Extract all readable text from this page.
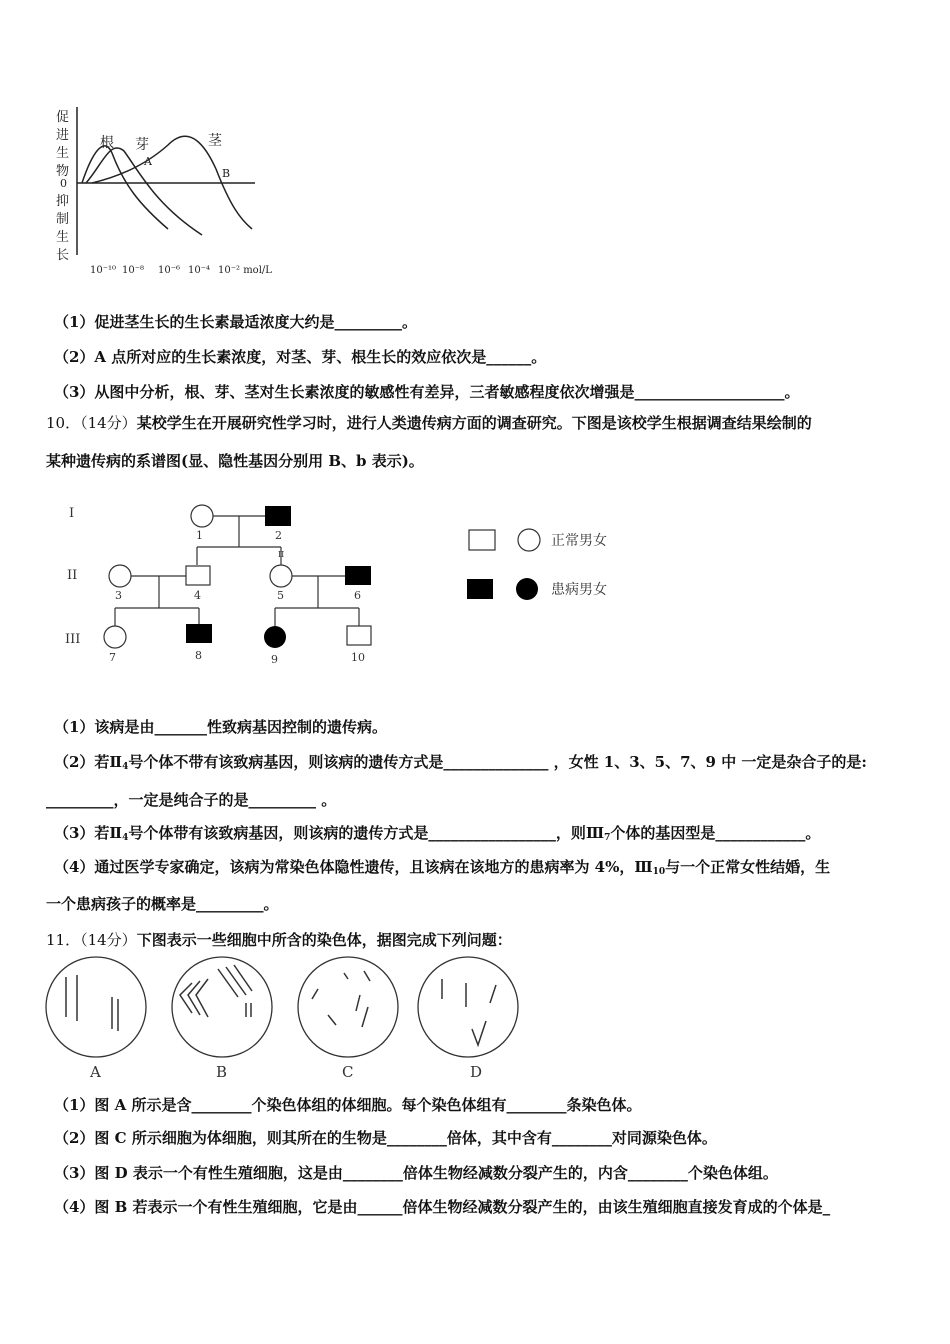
促
进
生
物
0
抑
制
生
长
根 芽	茎
A
B
10⁻¹⁰ 10⁻⁸ 10⁻⁶ 10⁻⁴ 10⁻² mol/L
（1）促进茎生长的生长素最适浓度大约是_________。
（2）A 点所对应的生长素浓度，对茎、芽、根生长的效应依次是______。
（3）从图中分析，根、芽、茎对生长素浓度的敏感性有差异，三者敏感程度依次增强是____________________。
10．（14分）某校学生在开展研究性学习时，进行人类遗传病方面的调查研究。下图是该校学生根据调查结果绘制的
某种遗传病的系谱图(显、隐性基因分别用 B、b 表示)。
I
II
III
1	2
II
3	4	5	6
7	8	9	10
正常男女
患病男女
（1）该病是由_______性致病基因控制的遗传病。
（2）若$Ⅱ_4$号个体不带有该致病基因，则该病的遗传方式是______________ ，女性 1、3、5、7、9 中 一定是杂合子的是:
_________，一定是纯合子的是_________ 。
（3）若$Ⅱ_4$号个体带有该致病基因，则该病的遗传方式是_________________，则$Ⅲ_7$个体的基因型是____________。
（4）通过医学专家确定，该病为常染色体隐性遗传，且该病在该地方的患病率为 4%，$Ⅲ_{10}$与一个正常女性结婚，生
一个患病孩子的概率是_________。
11．（14分）下图表示一些细胞中所含的染色体，据图完成下列问题：
A	B	C	D
（1）图 A 所示是含________个染色体组的体细胞。每个染色体组有________条染色体。
（2）图 C 所示细胞为体细胞，则其所在的生物是________倍体，其中含有________对同源染色体。
（3）图 D 表示一个有性生殖细胞，这是由________倍体生物经减数分裂产生的，内含________个染色体组。
（4）图 B 若表示一个有性生殖细胞，它是由______倍体生物经减数分裂产生的，由该生殖细胞直接发育成的个体是_
